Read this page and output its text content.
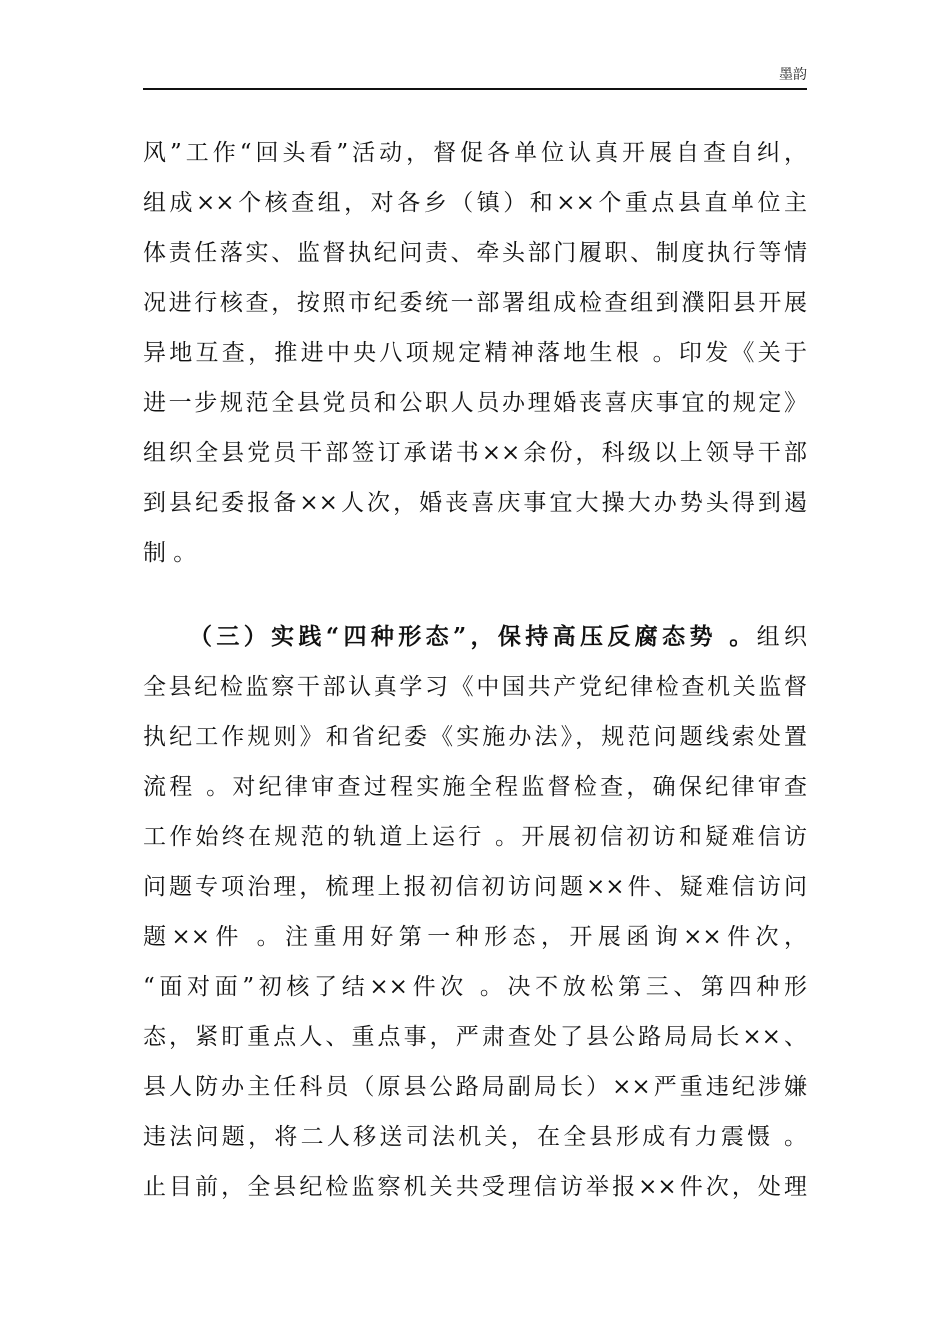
墨韵
风”工作“回头看”活动，督促各单位认真开展自查自纠，
组成××个核查组，对各乡（镇）和××个重点县直单位主
体责任落实、监督执纪问责、牵头部门履职、制度执行等情
况进行核查，按照市纪委统一部署组成检查组到濮阳县开展
异地互查，推进中央八项规定精神落地生根 。印发《关于
进一步规范全县党员和公职人员办理婚丧喜庆事宜的规定》
组织全县党员干部签订承诺书××余份，科级以上领导干部
到县纪委报备××人次，婚丧喜庆事宜大操大办势头得到遏
制 。
（三）实践“四种形态”，保持高压反腐态势 。组织
全县纪检监察干部认真学习《中国共产党纪律检查机关监督
执纪工作规则》和省纪委《实施办法》，规范问题线索处置
流程 。对纪律审查过程实施全程监督检查，确保纪律审查
工作始终在规范的轨道上运行 。开展初信初访和疑难信访
问题专项治理，梳理上报初信初访问题××件、疑难信访问
题××件 。注重用好第一种形态，开展函询××件次，
“面对面”初核了结××件次 。决不放松第三、第四种形
态，紧盯重点人、重点事，严肃查处了县公路局局长××、
县人防办主任科员（原县公路局副局长）××严重违纪涉嫌
违法问题，将二人移送司法机关，在全县形成有力震慑 。
止目前，全县纪检监察机关共受理信访举报××件次，处理
